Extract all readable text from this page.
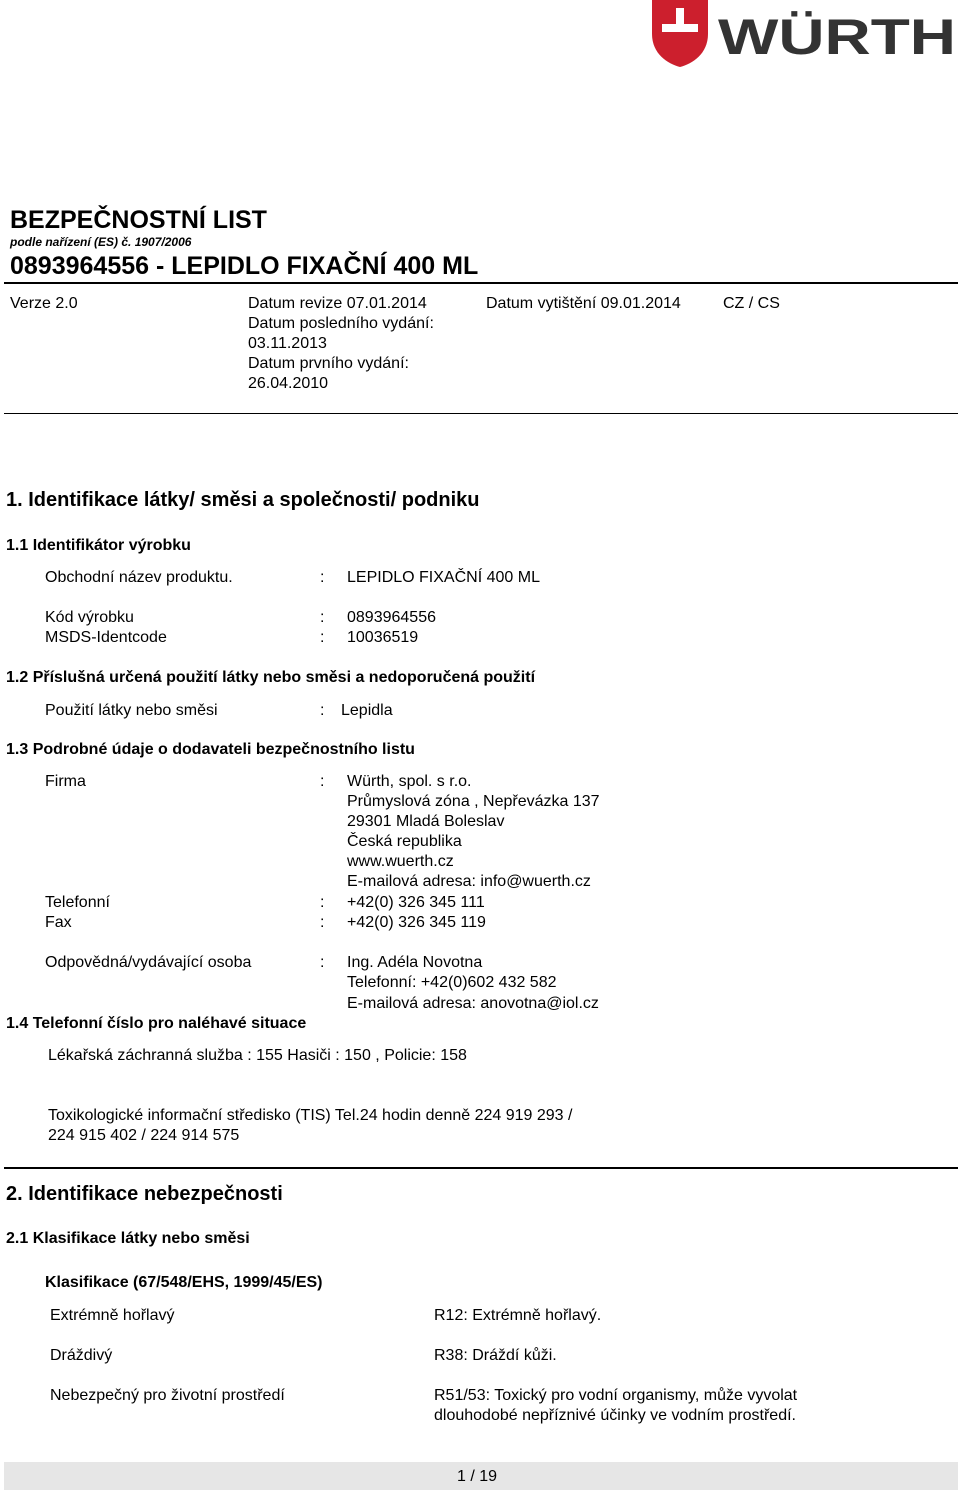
WÜRTH
BEZPEČNOSTNÍ LIST
podle nařízení (ES) č. 1907/2006
0893964556 - LEPIDLO FIXAČNÍ 400 ML
Verze 2.0	Datum revize 07.01.2014
Datum posledního vydání:
03.11.2013
Datum prvního vydání:
26.04.2010
Datum vytištění 09.01.2014	CZ / CS
1. Identifikace látky/ směsi a společnosti/ podniku
1.1 Identifikátor výrobku
Obchodní název produktu.	: LEPIDLO FIXAČNÍ 400 ML
Kód výrobku	: 0893964556
MSDS-Identcode	: 10036519
1.2 Příslušná určená použití látky nebo směsi a nedoporučená použití
Použití látky nebo směsi	: Lepidla
1.3 Podrobné údaje o dodavateli bezpečnostního listu
Firma	: Würth, spol. s r.o.
Průmyslová zóna , Nepřevázka 137
29301 Mladá Boleslav
Česká republika
www.wuerth.cz
E-mailová adresa: info@wuerth.cz
Telefonní	: +42(0) 326 345 111
Fax	: +42(0) 326 345 119
Odpovědná/vydávající osoba	: Ing. Adéla Novotna
Telefonní: +42(0)602 432 582
E-mailová adresa: anovotna@iol.cz
1.4 Telefonní číslo pro naléhavé situace
Lékařská záchranná služba : 155 Hasiči : 150 , Policie: 158
Toxikologické informační středisko (TIS) Tel.24 hodin denně 224 919 293 /
224 915 402 / 224 914 575
2. Identifikace nebezpečnosti
2.1 Klasifikace látky nebo směsi
Klasifikace (67/548/EHS, 1999/45/ES)
Extrémně hořlavý	R12: Extrémně hořlavý.
Dráždivý	R38: Dráždí kůži.
Nebezpečný pro životní prostředí	R51/53: Toxický pro vodní organismy, může vyvolat
dlouhodobé nepříznivé účinky ve vodním prostředí.
1 / 19
